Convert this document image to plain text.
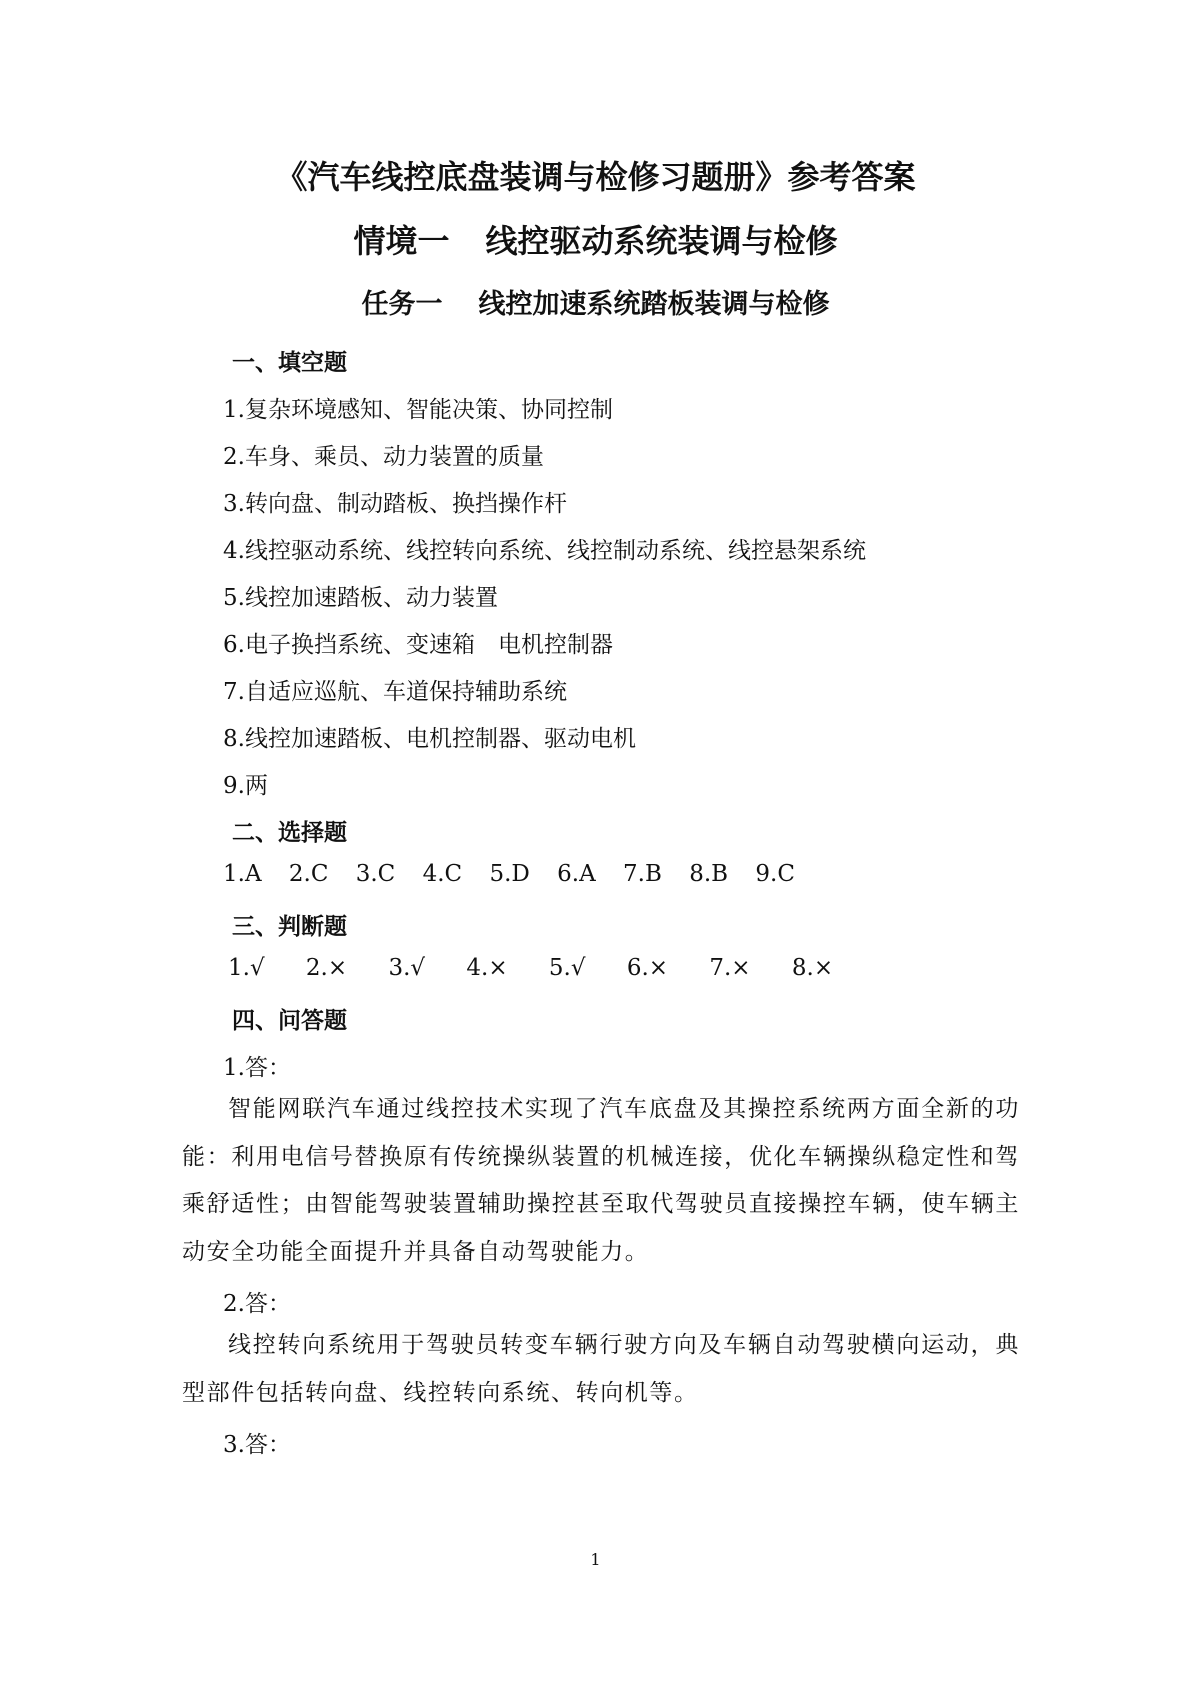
《汽车线控底盘装调与检修习题册》参考答案
情境一 线控驱动系统装调与检修
任务一 线控加速系统踏板装调与检修
一、填空题

1.复杂环境感知、智能决策、协同控制

2.车身、乘员、动力装置的质量

3.转向盘、制动踏板、换挡操作杆

4.线控驱动系统、线控转向系统、线控制动系统、线控悬架系统

5.线控加速踏板、动力装置

6.电子换挡系统、变速箱　电机控制器

7.自适应巡航、车道保持辅助系统

8.线控加速踏板、电机控制器、驱动电机

9.两

二、选择题
1.A 2.C 3.C 4.C 5.D 6.A 7.B 8.B 9.C
三、判断题
1.√ 2.× 3.√ 4.× 5.√ 6.× 7.× 8.×
四、问答题

1.答：

智能网联汽车通过线控技术实现了汽车底盘及其操控系统两方面全新的功能：利用电信号替换原有传统操纵装置的机械连接，优化车辆操纵稳定性和驾乘舒适性；由智能驾驶装置辅助操控甚至取代驾驶员直接操控车辆，使车辆主动安全功能全面提升并具备自动驾驶能力。

2.答：

线控转向系统用于驾驶员转变车辆行驶方向及车辆自动驾驶横向运动，典型部件包括转向盘、线控转向系统、转向机等。

3.答：

1
